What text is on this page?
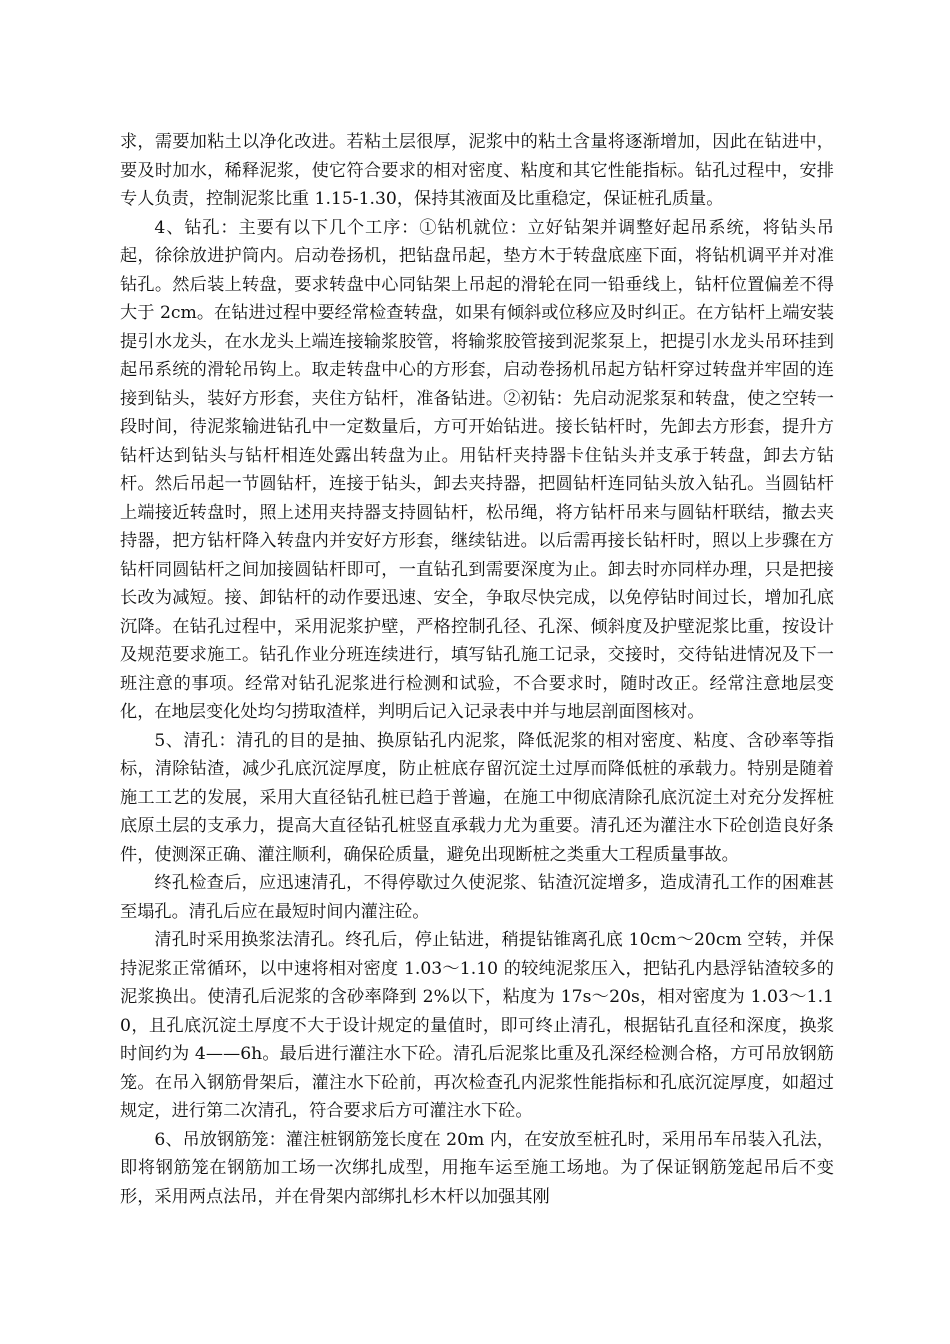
求，需要加粘土以净化改进。若粘土层很厚，泥浆中的粘土含量将逐渐增加，因此在钻进中，要及时加水，稀释泥浆，使它符合要求的相对密度、粘度和其它性能指标。钻孔过程中，安排专人负责，控制泥浆比重 1.15-1.30，保持其液面及比重稳定，保证桩孔质量。

4、钻孔：主要有以下几个工序：①钻机就位：立好钻架并调整好起吊系统，将钻头吊起，徐徐放进护筒内。启动卷扬机，把钻盘吊起，垫方木于转盘底座下面，将钻机调平并对准钻孔。然后装上转盘，要求转盘中心同钻架上吊起的滑轮在同一铅垂线上，钻杆位置偏差不得大于 2cm。在钻进过程中要经常检查转盘，如果有倾斜或位移应及时纠正。在方钻杆上端安装提引水龙头，在水龙头上端连接输浆胶管，将输浆胶管接到泥浆泵上，把提引水龙头吊环挂到起吊系统的滑轮吊钩上。取走转盘中心的方形套，启动卷扬机吊起方钻杆穿过转盘并牢固的连接到钻头，装好方形套，夹住方钻杆，准备钻进。②初钻：先启动泥浆泵和转盘，使之空转一段时间，待泥浆输进钻孔中一定数量后，方可开始钻进。接长钻杆时，先卸去方形套，提升方钻杆达到钻头与钻杆相连处露出转盘为止。用钻杆夹持器卡住钻头并支承于转盘，卸去方钻杆。然后吊起一节圆钻杆，连接于钻头，卸去夹持器，把圆钻杆连同钻头放入钻孔。当圆钻杆上端接近转盘时，照上述用夹持器支持圆钻杆，松吊绳，将方钻杆吊来与圆钻杆联结，撤去夹持器，把方钻杆降入转盘内并安好方形套，继续钻进。以后需再接长钻杆时，照以上步骤在方钻杆同圆钻杆之间加接圆钻杆即可，一直钻孔到需要深度为止。卸去时亦同样办理，只是把接长改为减短。接、卸钻杆的动作要迅速、安全，争取尽快完成，以免停钻时间过长，增加孔底沉降。在钻孔过程中，采用泥浆护壁，严格控制孔径、孔深、倾斜度及护壁泥浆比重，按设计及规范要求施工。钻孔作业分班连续进行，填写钻孔施工记录，交接时，交待钻进情况及下一班注意的事项。经常对钻孔泥浆进行检测和试验，不合要求时，随时改正。经常注意地层变化，在地层变化处均匀捞取渣样，判明后记入记录表中并与地层剖面图核对。

5、清孔：清孔的目的是抽、换原钻孔内泥浆，降低泥浆的相对密度、粘度、含砂率等指标，清除钻渣，减少孔底沉淀厚度，防止桩底存留沉淀土过厚而降低桩的承载力。特别是随着施工工艺的发展，采用大直径钻孔桩已趋于普遍，在施工中彻底清除孔底沉淀土对充分发挥桩底原土层的支承力，提高大直径钻孔桩竖直承载力尤为重要。清孔还为灌注水下砼创造良好条件，使测深正确、灌注顺利，确保砼质量，避免出现断桩之类重大工程质量事故。

终孔检查后，应迅速清孔，不得停歇过久使泥浆、钻渣沉淀增多，造成清孔工作的困难甚至塌孔。清孔后应在最短时间内灌注砼。

清孔时采用换浆法清孔。终孔后，停止钻进，稍提钻锥离孔底 10cm～20cm 空转，并保持泥浆正常循环，以中速将相对密度 1.03～1.10 的较纯泥浆压入，把钻孔内悬浮钻渣较多的泥浆换出。使清孔后泥浆的含砂率降到 2%以下，粘度为 17s～20s，相对密度为 1.03～1.10，且孔底沉淀土厚度不大于设计规定的量值时，即可终止清孔，根据钻孔直径和深度，换浆时间约为 4——6h。最后进行灌注水下砼。清孔后泥浆比重及孔深经检测合格，方可吊放钢筋笼。在吊入钢筋骨架后，灌注水下砼前，再次检查孔内泥浆性能指标和孔底沉淀厚度，如超过规定，进行第二次清孔，符合要求后方可灌注水下砼。

6、吊放钢筋笼：灌注桩钢筋笼长度在 20m 内，在安放至桩孔时，采用吊车吊装入孔法，即将钢筋笼在钢筋加工场一次绑扎成型，用拖车运至施工场地。为了保证钢筋笼起吊后不变形，采用两点法吊，并在骨架内部绑扎杉木杆以加强其刚
